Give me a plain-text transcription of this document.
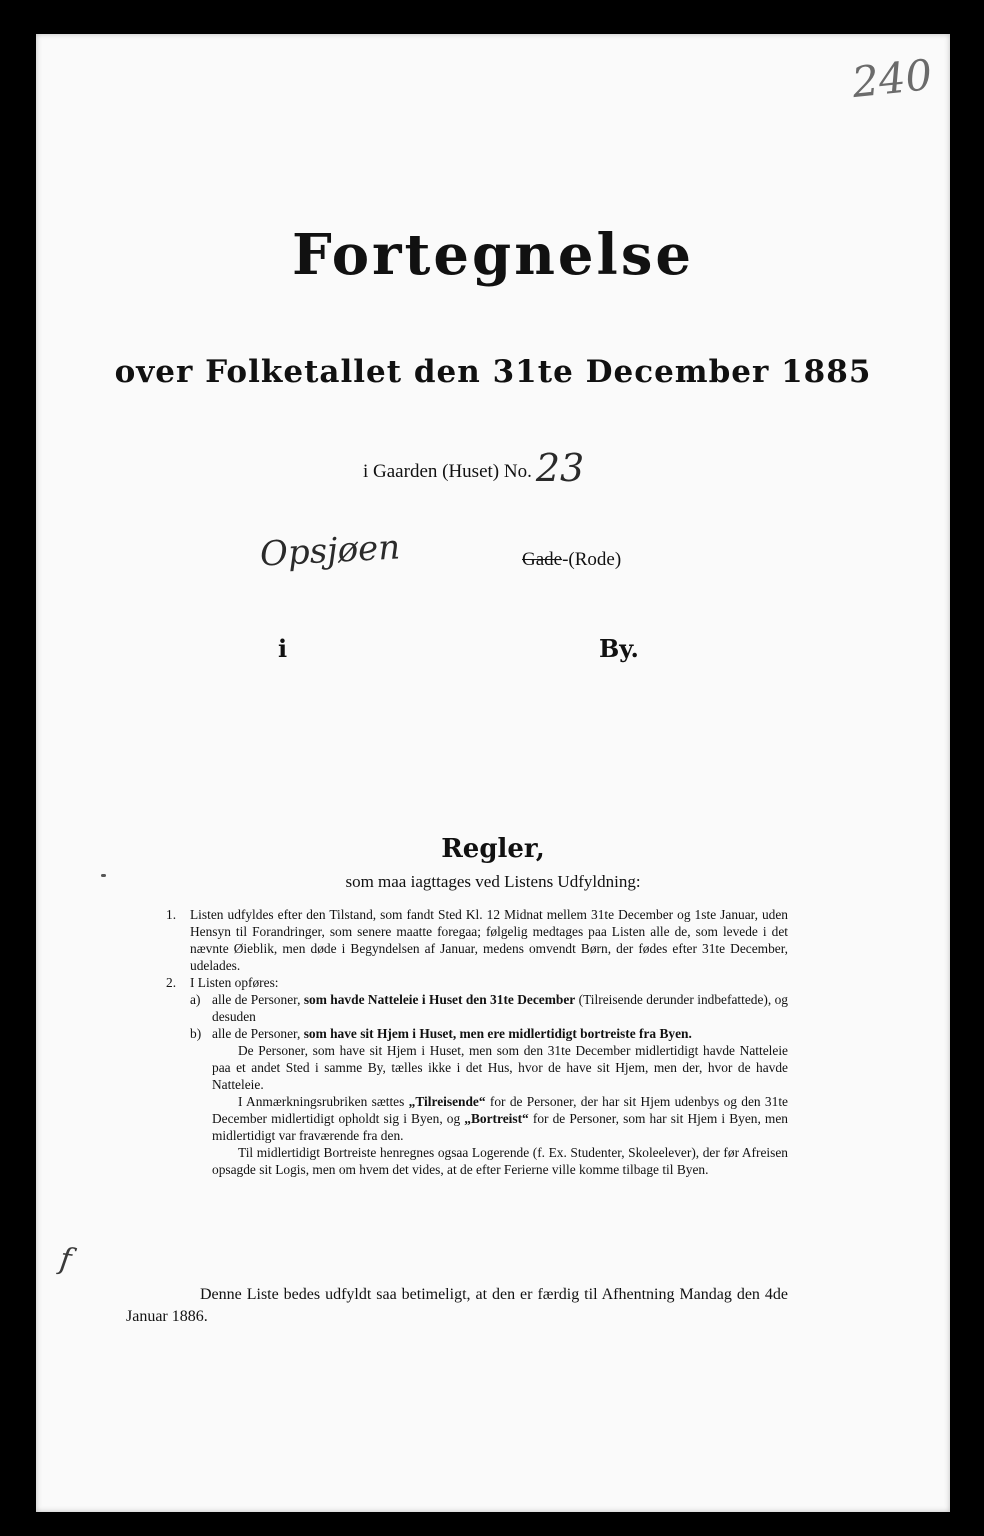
240
Fortegnelse
over Folketallet den 31te December 1885
i Gaarden (Huset) No. 23
Opsjøen	Gade-(Rode)
i	By.
Regler,
som maa iagttages ved Listens Udfyldning:
1. Listen udfyldes efter den Tilstand, som fandt Sted Kl. 12 Midnat mellem 31te December og 1ste Januar, uden Hensyn til Forandringer, som senere maatte foregaa; følgelig medtages paa Listen alle de, som levede i det nævnte Øieblik, men døde i Begyndelsen af Januar, medens omvendt Børn, der fødes efter 31te December, udelades.
2. I Listen opføres:
a) alle de Personer, som havde Natteleie i Huset den 31te December (Tilreisende derunder indbefattede), og desuden
b) alle de Personer, som have sit Hjem i Huset, men ere midlertidigt bortreiste fra Byen.
De Personer, som have sit Hjem i Huset, men som den 31te December midlertidigt havde Natteleie paa et andet Sted i samme By, tælles ikke i det Hus, hvor de have sit Hjem, men der, hvor de havde Natteleie.
I Anmærkningsrubriken sættes „Tilreisende“ for de Personer, der har sit Hjem udenbys og den 31te December midlertidigt opholdt sig i Byen, og „Bortreist“ for de Personer, som har sit Hjem i Byen, men midlertidigt var fraværende fra den.
Til midlertidigt Bortreiste henregnes ogsaa Logerende (f. Ex. Studenter, Skoleelever), der før Afreisen opsagde sit Logis, men om hvem det vides, at de efter Ferierne ville komme tilbage til Byen.
f
Denne Liste bedes udfyldt saa betimeligt, at den er færdig til Afhentning Mandag den 4de Januar 1886.
